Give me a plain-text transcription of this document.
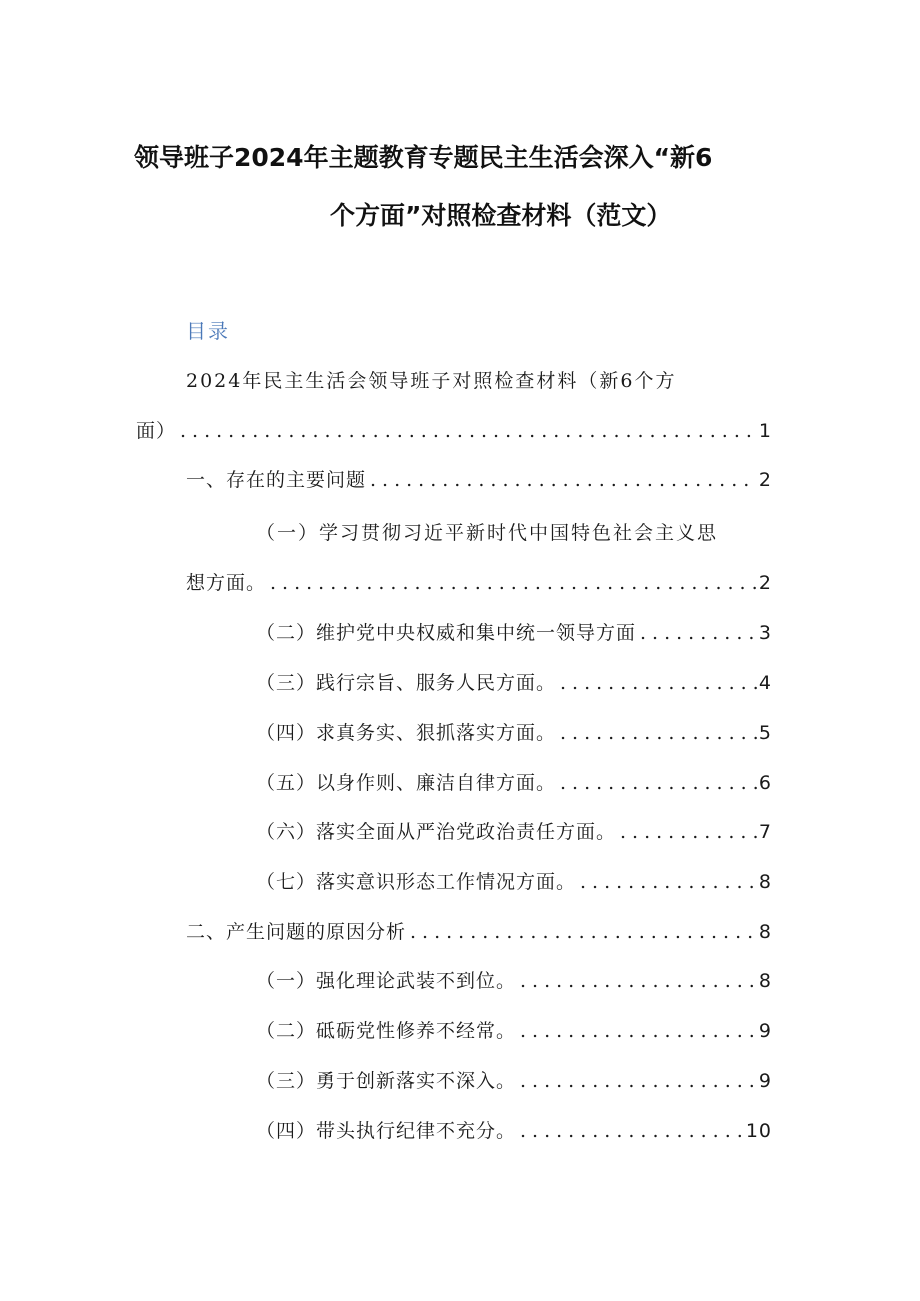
领导班子2024年主题教育专题民主生活会深入“新6
个方面”对照检查材料（范文）
目录
2024年民主生活会领导班子对照检查材料（新6个方
面） .....	1
一、存在的主要问题 .....	2
（一）学习贯彻习近平新时代中国特色社会主义思
想方面。 .....	2
（二）维护党中央权威和集中统一领导方面 .....	3
（三）践行宗旨、服务人民方面。 .....	4
（四）求真务实、狠抓落实方面。 .....	5
（五）以身作则、廉洁自律方面。 .....	6
（六）落实全面从严治党政治责任方面。 .....	7
（七）落实意识形态工作情况方面。 .....	8
二、产生问题的原因分析 .....	8
（一）强化理论武装不到位。 .....	8
（二）砥砺党性修养不经常。 .....	9
（三）勇于创新落实不深入。 .....	9
（四）带头执行纪律不充分。 .....	10
